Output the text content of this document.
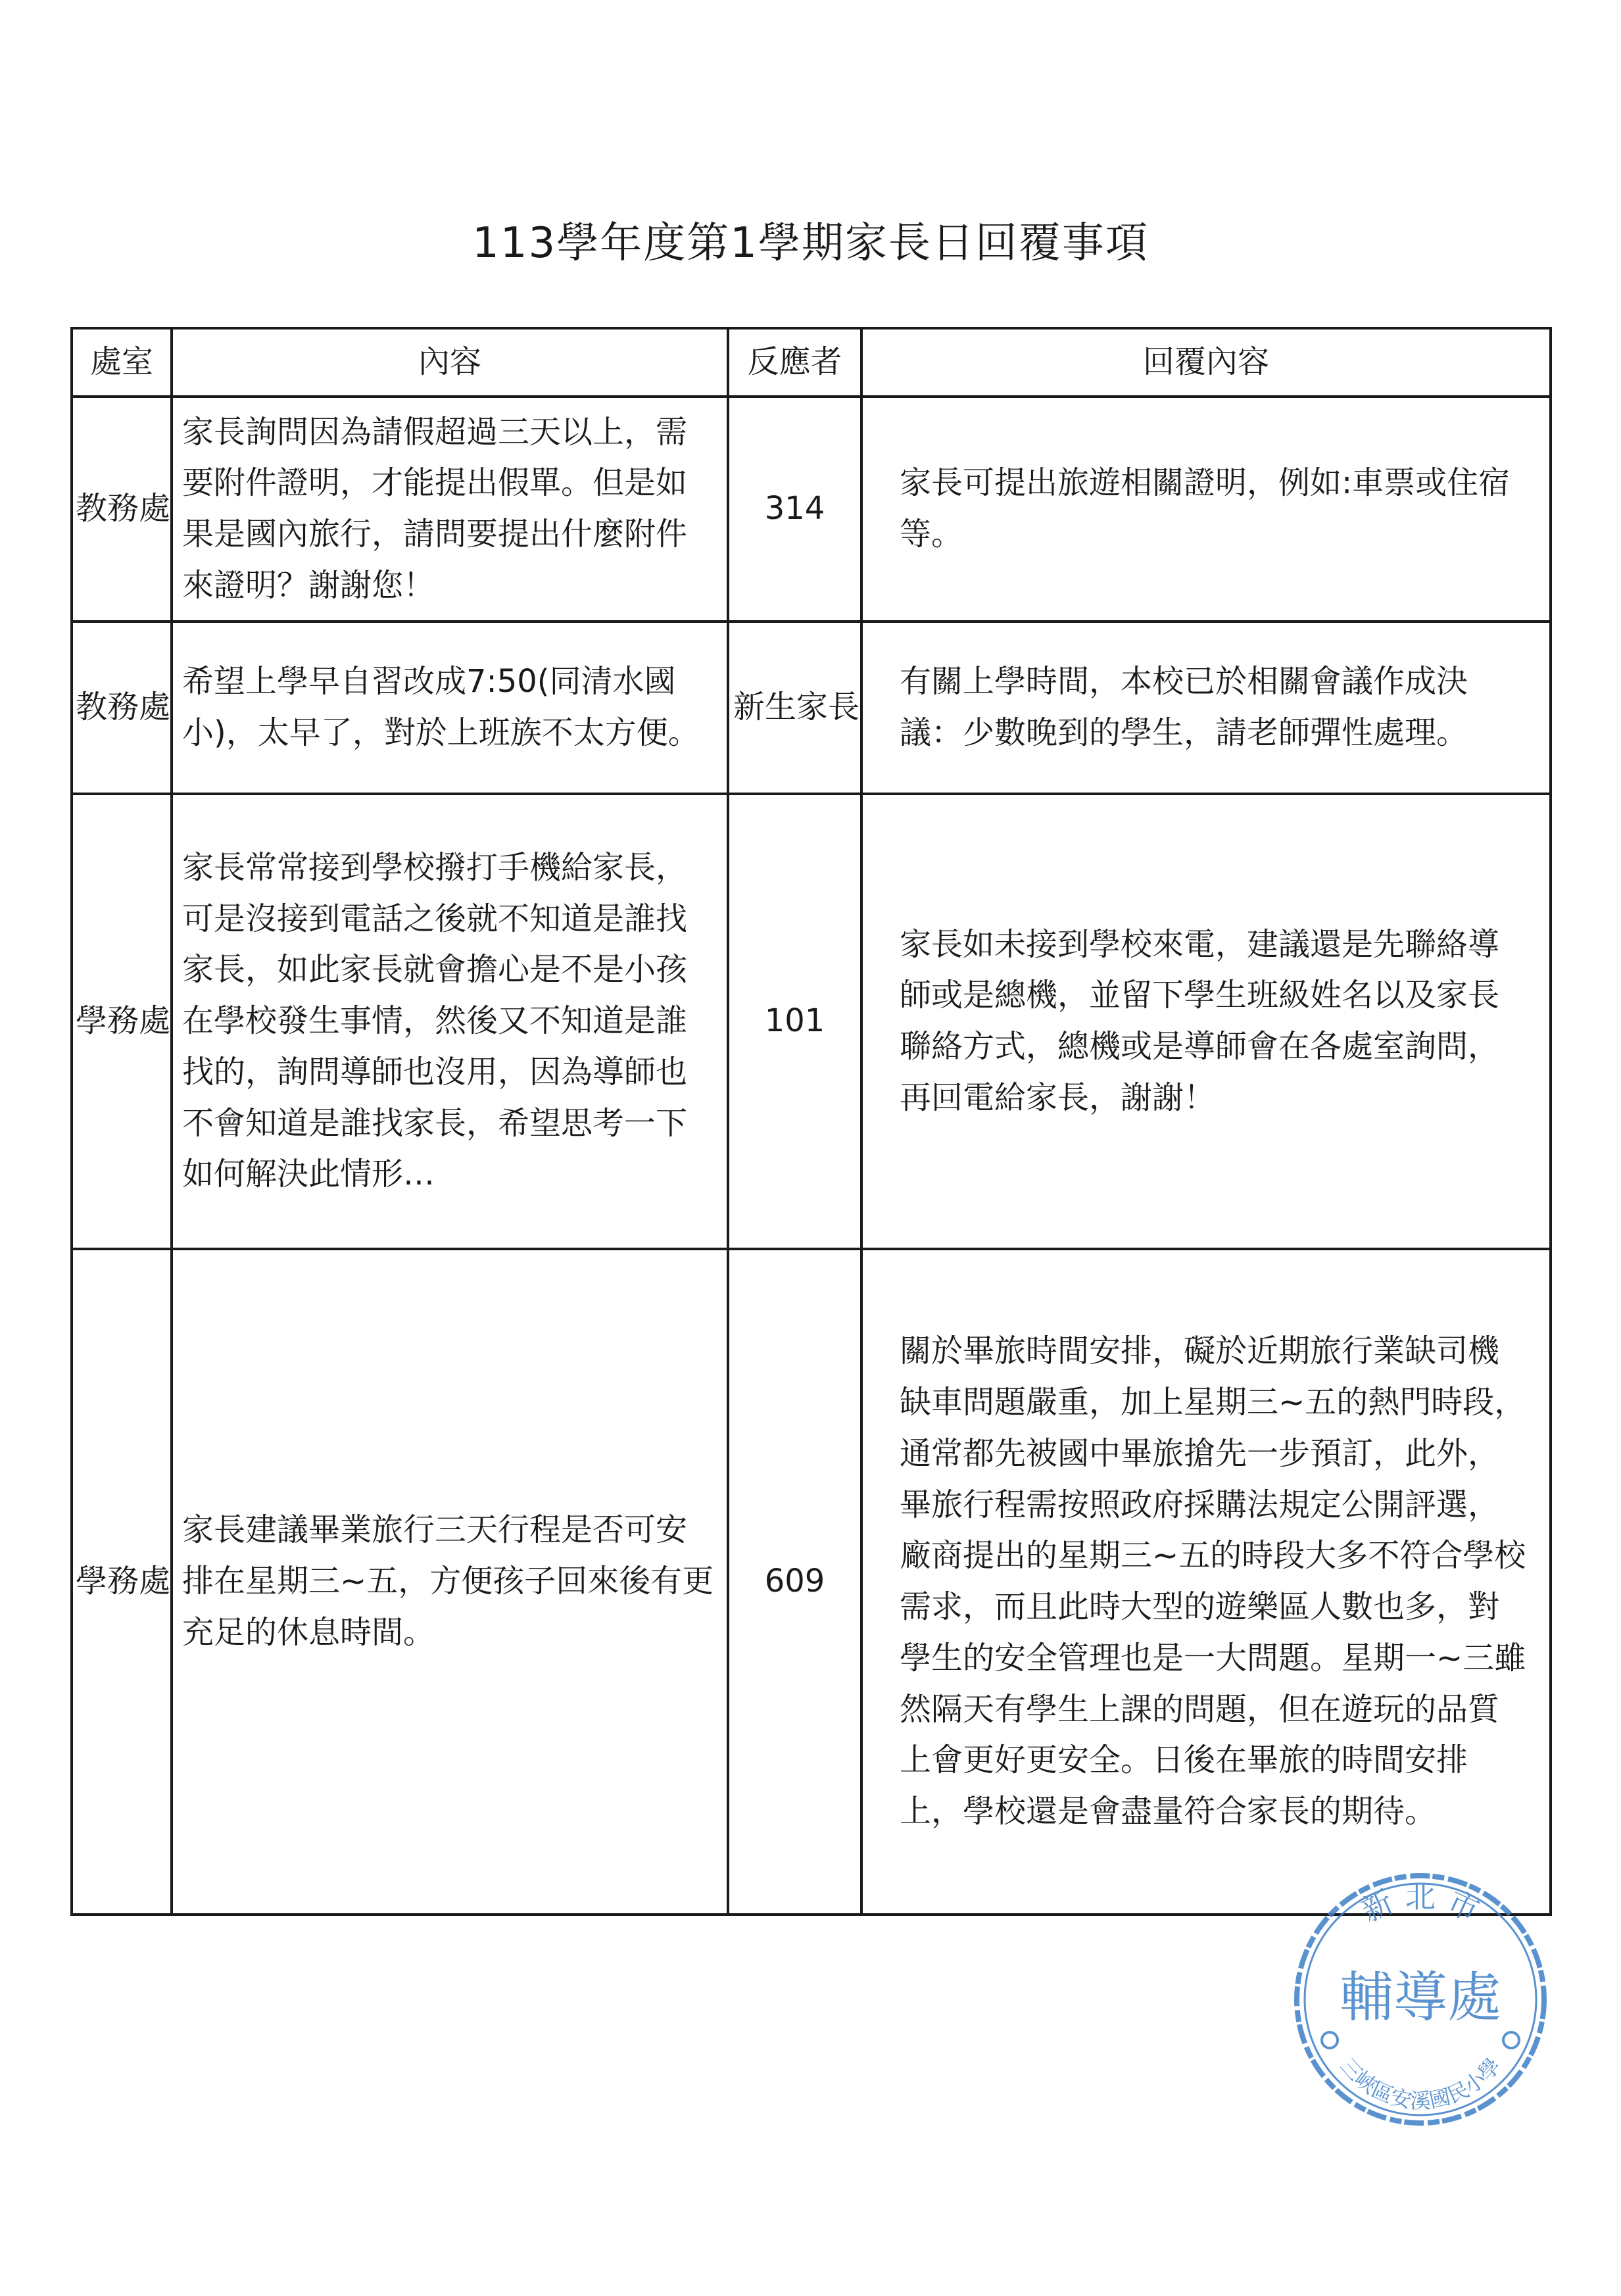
113學年度第1學期家長日回覆事項
處室	內容	反應者	回覆內容
教務處	家長詢問因為請假超過三天以上，需要附件證明，才能提出假單。但是如果是國內旅行，請問要提出什麼附件來證明？謝謝您！	314	家長可提出旅遊相關證明，例如:車票或住宿等。
教務處	希望上學早自習改成7:50(同清水國小)，太早了，對於上班族不太方便。	新生家長	有關上學時間，本校已於相關會議作成決議：少數晚到的學生，請老師彈性處理。
學務處	家長常常接到學校撥打手機給家長，可是沒接到電話之後就不知道是誰找家長，如此家長就會擔心是不是小孩在學校發生事情，然後又不知道是誰找的，詢問導師也沒用，因為導師也不會知道是誰找家長，希望思考一下如何解決此情形…	101	家長如未接到學校來電，建議還是先聯絡導師或是總機，並留下學生班級姓名以及家長聯絡方式，總機或是導師會在各處室詢問，再回電給家長，謝謝！
學務處	家長建議畢業旅行三天行程是否可安排在星期三~五，方便孩子回來後有更充足的休息時間。	609	關於畢旅時間安排，礙於近期旅行業缺司機缺車問題嚴重，加上星期三~五的熱門時段，通常都先被國中畢旅搶先一步預訂，此外，畢旅行程需按照政府採購法規定公開評選，廠商提出的星期三~五的時段大多不符合學校需求，而且此時大型的遊樂區人數也多，對學生的安全管理也是一大問題。星期一~三雖然隔天有學生上課的問題，但在遊玩的品質上會更好更安全。日後在畢旅的時間安排上，學校還是會盡量符合家長的期待。
新 北 市
輔導處
三峽區安溪國民小學
